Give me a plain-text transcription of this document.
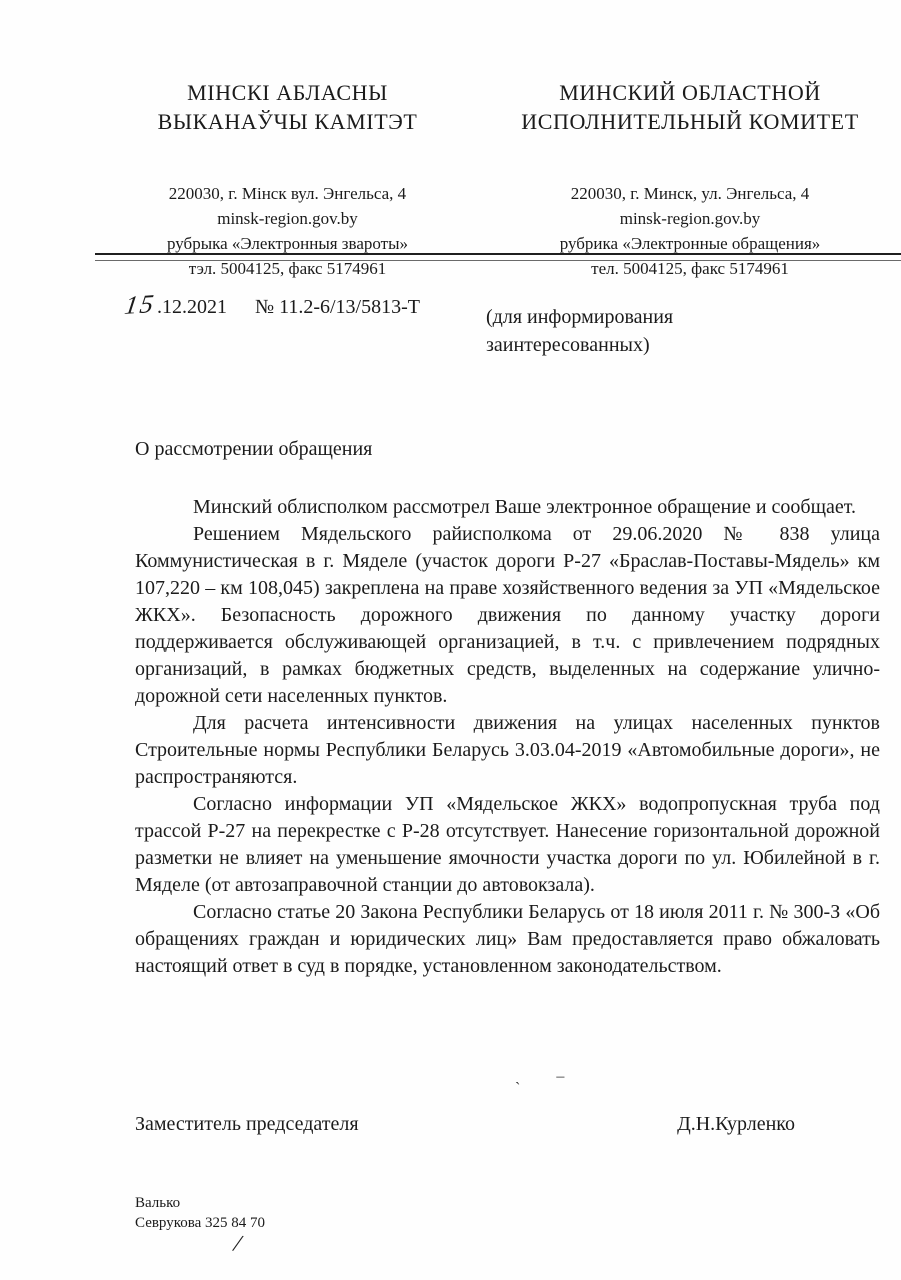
МІНСКІ АБЛАСНЫ
ВЫКАНАЎЧЫ КАМІТЭТ
220030, г. Мінск вул. Энгельса, 4
minsk-region.gov.by
рубрыка «Электронныя звароты»
тэл. 5004125, факс 5174961
МИНСКИЙ ОБЛАСТНОЙ
ИСПОЛНИТЕЛЬНЫЙ КОМИТЕТ
220030, г. Минск, ул. Энгельса, 4
minsk-region.gov.by
рубрика «Электронные обращения»
тел. 5004125, факс 5174961
15.12.2021 № 11.2-6/13/5813-Т	(для информирования
заинтересованных)
О рассмотрении обращения

Минский облисполком рассмотрел Ваше электронное обращение и сообщает.

Решением Мядельского райисполкома от 29.06.2020 № 838 улица Коммунистическая в г. Мяделе (участок дороги Р-27 «Браслав-Поставы-Мядель» км 107,220 – км 108,045) закреплена на праве хозяйственного ведения за УП «Мядельское ЖКХ». Безопасность дорожного движения по данному участку дороги поддерживается обслуживающей организацией, в т.ч. с привлечением подрядных организаций, в рамках бюджетных средств, выделенных на содержание улично-дорожной сети населенных пунктов.

Для расчета интенсивности движения на улицах населенных пунктов Строительные нормы Республики Беларусь 3.03.04-2019 «Автомобильные дороги», не распространяются.

Согласно информации УП «Мядельское ЖКХ» водопропускная труба под трассой Р-27 на перекрестке с Р-28 отсутствует. Нанесение горизонтальной дорожной разметки не влияет на уменьшение ямочности участка дороги по ул. Юбилейной в г. Мяделе (от автозаправочной станции до автовокзала).

Согласно статье 20 Закона Республики Беларусь от 18 июля 2011 г. № 300-З «Об обращениях граждан и юридических лиц» Вам предоставляется право обжаловать настоящий ответ в суд в порядке, установленном законодательством.

Заместитель председателя	Д.Н.Курленко
Валько
Севрукова 325 84 70
/
ˏ –
